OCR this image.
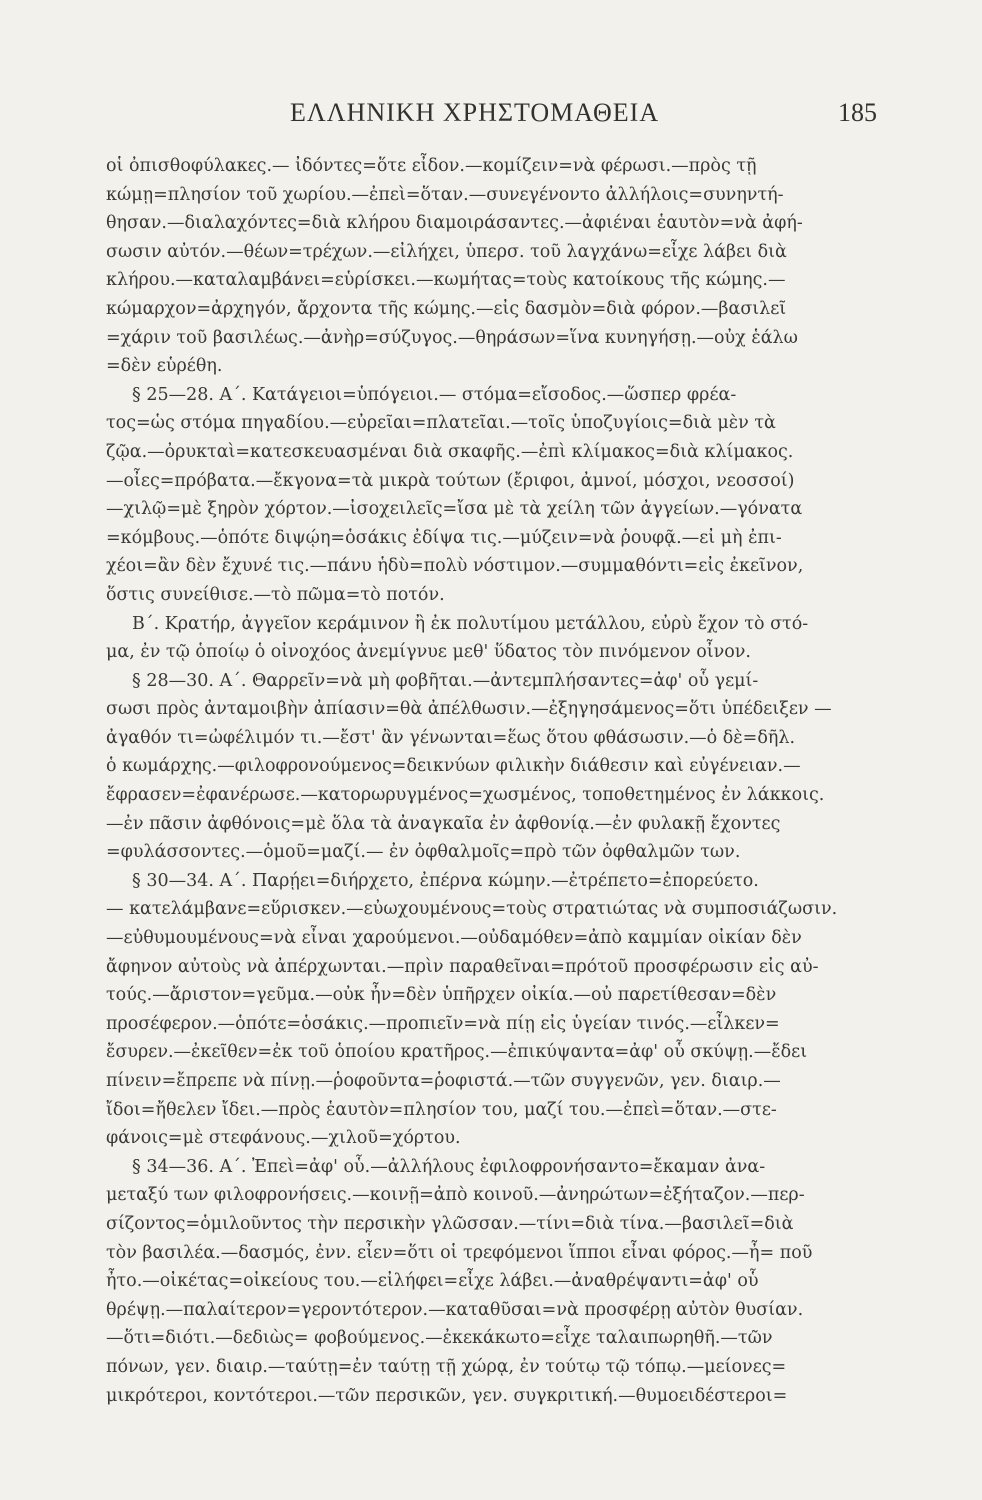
ΕΛΛΗΝΙΚΗ ΧΡΗΣΤΟΜΑΘΕΙΑ	185
οἱ ὀπισθοφύλακες.— ἰδόντες=ὅτε εἶδον.—κομίζειν=νὰ φέρωσι.—πρὸς τῇ
κώμῃ=πλησίον τοῦ χωρίου.—ἐπεὶ=ὅταν.—συνεγένοντο ἀλλήλοις=συνηντή-
θησαν.—διαλαχόντες=διὰ κλήρου διαμοιράσαντες.—ἀφιέναι ἑαυτὸν=νὰ ἀφή-
σωσιν αὐτόν.—θέων=τρέχων.—εἰλήχει, ὑπερσ. τοῦ λαγχάνω=εἶχε λάβει διὰ
κλήρου.—καταλαμβάνει=εὑρίσκει.—κωμήτας=τοὺς κατοίκους τῆς κώμης.—
κώμαρχον=ἀρχηγόν, ἄρχοντα τῆς κώμης.—εἰς δασμὸν=διὰ φόρον.—βασιλεῖ
=χάριν τοῦ βασιλέως.—ἀνὴρ=σύζυγος.—θηράσων=ἵνα κυνηγήσῃ.—οὐχ ἑάλω
=δὲν εὑρέθη.
§ 25—28. Α΄. Κατάγειοι=ὑπόγειοι.— στόμα=εἴσοδος.—ὥσπερ φρέα-
τος=ὡς στόμα πηγαδίου.—εὐρεῖαι=πλατεῖαι.—τοῖς ὑποζυγίοις=διὰ μὲν τὰ
ζῷα.—ὀρυκταὶ=κατεσκευασμέναι διὰ σκαφῆς.—ἐπὶ κλίμακος=διὰ κλίμακος.
—οἶες=πρόβατα.—ἔκγονα=τὰ μικρὰ τούτων (ἔριφοι, ἀμνοί, μόσχοι, νεοσσοί)
—χιλῷ=μὲ ξηρὸν χόρτον.—ἰσοχειλεῖς=ἴσα μὲ τὰ χείλη τῶν ἀγγείων.—γόνατα
=κόμβους.—ὁπότε διψῴη=ὁσάκις ἐδίψα τις.—μύζειν=νὰ ῥουφᾷ.—εἰ μὴ ἐπι-
χέοι=ἂν δὲν ἔχυνέ τις.—πάνυ ἡδὺ=πολὺ νόστιμον.—συμμαθόντι=εἰς ἐκεῖνον,
ὅστις συνείθισε.—τὸ πῶμα=τὸ ποτόν.
Β΄. Κρατήρ, ἀγγεῖον κεράμινον ἢ ἐκ πολυτίμου μετάλλου, εὐρὺ ἔχον τὸ στό-
μα, ἐν τῷ ὁποίῳ ὁ οἰνοχόος ἀνεμίγνυε μεθ' ὕδατος τὸν πινόμενον οἶνον.
§ 28—30. Α΄. Θαρρεῖν=νὰ μὴ φοβῆται.—ἀντεμπλήσαντες=ἀφ' οὗ γεμί-
σωσι πρὸς ἀνταμοιβὴν ἀπίασιν=θὰ ἀπέλθωσιν.—ἐξηγησάμενος=ὅτι ὑπέδειξεν —
ἀγαθόν τι=ὠφέλιμόν τι.—ἔστ' ἂν γένωνται=ἕως ὅτου φθάσωσιν.—ὁ δὲ=δῆλ.
ὁ κωμάρχης.—φιλοφρονούμενος=δεικνύων φιλικὴν διάθεσιν καὶ εὐγένειαν.—
ἔφρασεν=ἐφανέρωσε.—κατορωρυγμένος=χωσμένος, τοποθετημένος ἐν λάκκοις.
—ἐν πᾶσιν ἀφθόνοις=μὲ ὅλα τὰ ἀναγκαῖα ἐν ἀφθονίᾳ.—ἐν φυλακῇ ἔχοντες
=φυλάσσοντες.—ὁμοῦ=μαζί.— ἐν ὀφθαλμοῖς=πρὸ τῶν ὀφθαλμῶν των.
§ 30—34. Α΄. Παρῄει=διήρχετο, ἐπέρνα κώμην.—ἐτρέπετο=ἐπορεύετο.
— κατελάμβανε=εὕρισκεν.—εὐωχουμένους=τοὺς στρατιώτας νὰ συμποσιάζωσιν.
—εὐθυμουμένους=νὰ εἶναι χαρούμενοι.—οὐδαμόθεν=ἀπὸ καμμίαν οἰκίαν δὲν
ἄφηνον αὐτοὺς νὰ ἀπέρχωνται.—πρὶν παραθεῖναι=πρότοῦ προσφέρωσιν εἰς αὐ-
τούς.—ἄριστον=γεῦμα.—οὐκ ἦν=δὲν ὑπῆρχεν οἰκία.—οὐ παρετίθεσαν=δὲν
προσέφερον.—ὁπότε=ὁσάκις.—προπιεῖν=νὰ πίῃ εἰς ὑγείαν τινός.—εἶλκεν=
ἔσυρεν.—ἐκεῖθεν=ἐκ τοῦ ὁποίου κρατῆρος.—ἐπικύψαντα=ἀφ' οὗ σκύψῃ.—ἔδει
πίνειν=ἔπρεπε νὰ πίνῃ.—ῥοφοῦντα=ῥοφιστά.—τῶν συγγενῶν, γεν. διαιρ.—
ἴδοι=ἤθελεν ἴδει.—πρὸς ἑαυτὸν=πλησίον του, μαζί του.—ἐπεὶ=ὅταν.—στε-
φάνοις=μὲ στεφάνους.—χιλοῦ=χόρτου.
§ 34—36. Α΄. Ἐπεὶ=ἀφ' οὗ.—ἀλλήλους ἐφιλοφρονήσαντο=ἔκαμαν ἀνα-
μεταξύ των φιλοφρονήσεις.—κοινῇ=ἀπὸ κοινοῦ.—ἀνηρώτων=ἐξήταζον.—περ-
σίζοντος=ὁμιλοῦντος τὴν περσικὴν γλῶσσαν.—τίνι=διὰ τίνα.—βασιλεῖ=διὰ
τὸν βασιλέα.—δασμός, ἐνν. εἶεν=ὅτι οἱ τρεφόμενοι ἵπποι εἶναι φόρος.—ἦ= ποῦ
ἦτο.—οἰκέτας=οἰκείους του.—εἰλήφει=εἶχε λάβει.—ἀναθρέψαντι=ἀφ' οὗ
θρέψῃ.—παλαίτερον=γεροντότερον.—καταθῦσαι=νὰ προσφέρῃ αὐτὸν θυσίαν.
—ὅτι=διότι.—δεδιὼς= φοβούμενος.—ἐκεκάκωτο=εἶχε ταλαιπωρηθῆ.—τῶν
πόνων, γεν. διαιρ.—ταύτῃ=ἐν ταύτῃ τῇ χώρᾳ, ἐν τούτῳ τῷ τόπῳ.—μείονες=
μικρότεροι, κοντότεροι.—τῶν περσικῶν, γεν. συγκριτική.—θυμοειδέστεροι=
